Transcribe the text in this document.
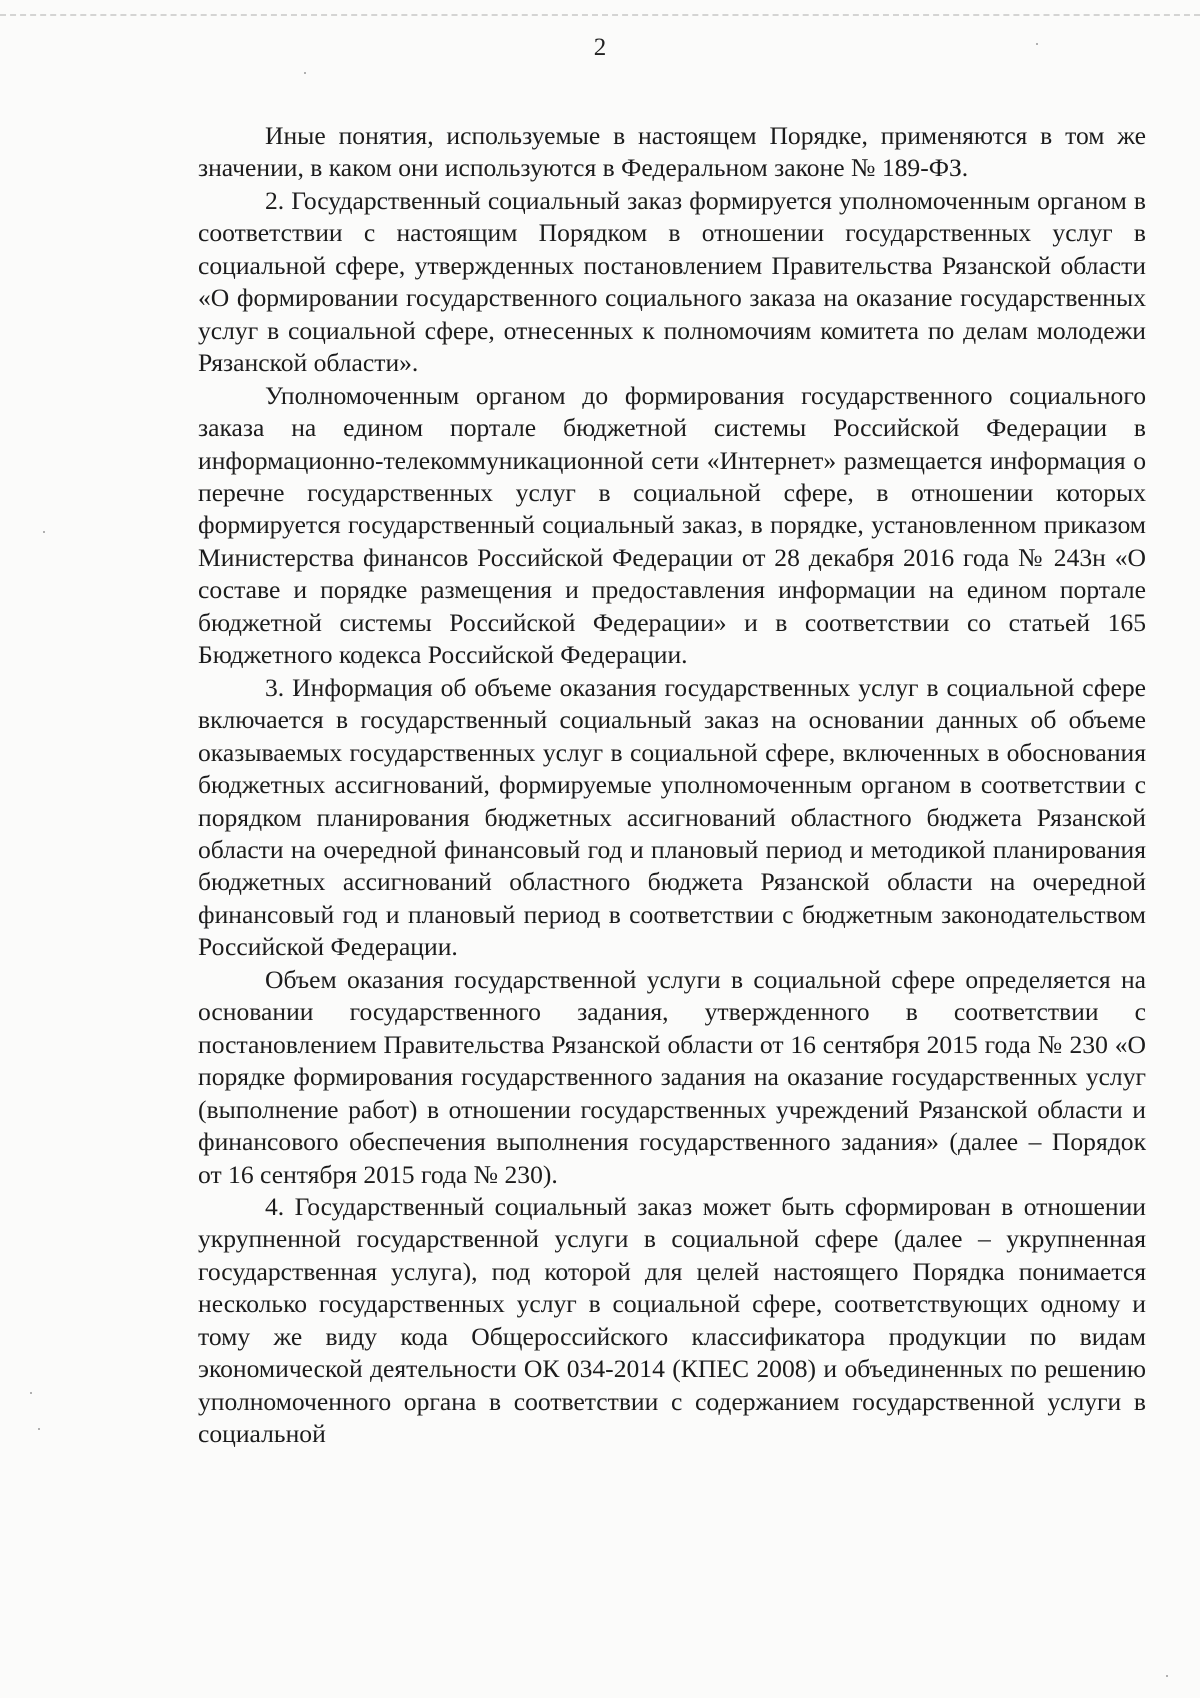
2

Иные понятия, используемые в настоящем Порядке, применяются в том же значении, в каком они используются в Федеральном законе № 189-ФЗ.

2. Государственный социальный заказ формируется уполномоченным органом в соответствии с настоящим Порядком в отношении государственных услуг в социальной сфере, утвержденных постановлением Правительства Рязанской области «О формировании государственного социального заказа на оказание государственных услуг в социальной сфере, отнесенных к полномочиям комитета по делам молодежи Рязанской области».

Уполномоченным органом до формирования государственного социального заказа на едином портале бюджетной системы Российской Федерации в информационно-телекоммуникационной сети «Интернет» размещается информация о перечне государственных услуг в социальной сфере, в отношении которых формируется государственный социальный заказ, в порядке, установленном приказом Министерства финансов Российской Федерации от 28 декабря 2016 года № 243н «О составе и порядке размещения и предоставления информации на едином портале бюджетной системы Российской Федерации» и в соответствии со статьей 165 Бюджетного кодекса Российской Федерации.

3. Информация об объеме оказания государственных услуг в социальной сфере включается в государственный социальный заказ на основании данных об объеме оказываемых государственных услуг в социальной сфере, включенных в обоснования бюджетных ассигнований, формируемые уполномоченным органом в соответствии с порядком планирования бюджетных ассигнований областного бюджета Рязанской области на очередной финансовый год и плановый период и методикой планирования бюджетных ассигнований областного бюджета Рязанской области на очередной финансовый год и плановый период в соответствии с бюджетным законодательством Российской Федерации.

Объем оказания государственной услуги в социальной сфере определяется на основании государственного задания, утвержденного в соответствии с постановлением Правительства Рязанской области от 16 сентября 2015 года № 230 «О порядке формирования государственного задания на оказание государственных услуг (выполнение работ) в отношении государственных учреждений Рязанской области и финансового обеспечения выполнения государственного задания» (далее – Порядок от 16 сентября 2015 года № 230).

4. Государственный социальный заказ может быть сформирован в отношении укрупненной государственной услуги в социальной сфере (далее – укрупненная государственная услуга), под которой для целей настоящего Порядка понимается несколько государственных услуг в социальной сфере, соответствующих одному и тому же виду кода Общероссийского классификатора продукции по видам экономической деятельности ОК 034-2014 (КПЕС 2008) и объединенных по решению уполномоченного органа в соответствии с содержанием государственной услуги в социальной
